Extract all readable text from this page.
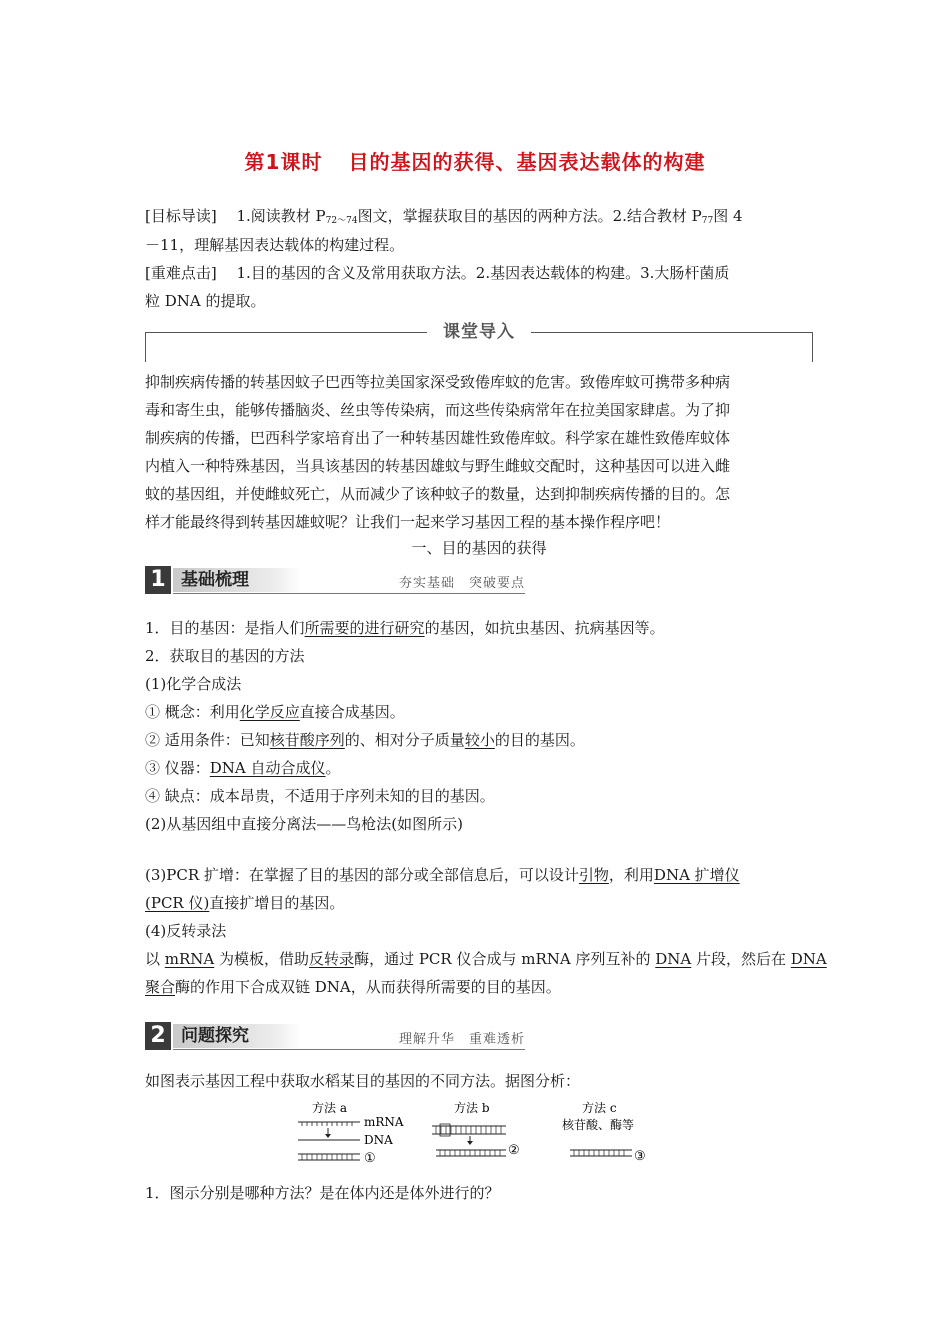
第1课时 目的基因的获得、基因表达载体的构建
[目标导读]　 1.阅读教材 $P_{72\sim 74}$图文，掌握获取目的基因的两种方法。2.结合教材 $P_{77}$图 4
－11，理解基因表达载体的构建过程。
[重难点击]　 1.目的基因的含义及常用获取方法。2.基因表达载体的构建。3.大肠杆菌质
粒 DNA 的提取。
课堂导入
抑制疾病传播的转基因蚊子巴西等拉美国家深受致倦库蚊的危害。致倦库蚊可携带多种病
毒和寄生虫，能够传播脑炎、丝虫等传染病，而这些传染病常年在拉美国家肆虐。为了抑
制疾病的传播，巴西科学家培育出了一种转基因雄性致倦库蚊。科学家在雄性致倦库蚊体
内植入一种特殊基因，当具该基因的转基因雄蚊与野生雌蚊交配时，这种基因可以进入雌
蚊的基因组，并使雌蚊死亡，从而减少了该种蚊子的数量，达到抑制疾病传播的目的。怎
样才能最终得到转基因雄蚊呢？让我们一起来学习基因工程的基本操作程序吧！
一、目的基因的获得
1 基础梳理	夯实基础　突破要点
1．目的基因：是指人们所需要的进行研究的基因，如抗虫基因、抗病基因等。
2．获取目的基因的方法
(1)化学合成法
① 概念：利用化学反应直接合成基因。
② 适用条件：已知核苷酸序列的、相对分子质量较小的目的基因。
③ 仪器：DNA 自动合成仪。
④ 缺点：成本昂贵，不适用于序列未知的目的基因。
(2)从基因组中直接分离法——鸟枪法(如图所示)
(3)PCR 扩增：在掌握了目的基因的部分或全部信息后，可以设计引物，利用DNA 扩增仪
(PCR 仪)直接扩增目的基因。
(4)反转录法
以 mRNA 为模板，借助反转录酶，通过 PCR 仪合成与 mRNA 序列互补的 DNA 片段，然后在 DNA
聚合酶的作用下合成双链 DNA，从而获得所需要的目的基因。
2 问题探究	理解升华　重难透析
如图表示基因工程中获取水稻某目的基因的不同方法。据图分析：
方法 a
mRNA
DNA
①
方法 b
②
方法 c
核苷酸、酶等
③
1．图示分别是哪种方法？是在体内还是体外进行的？
